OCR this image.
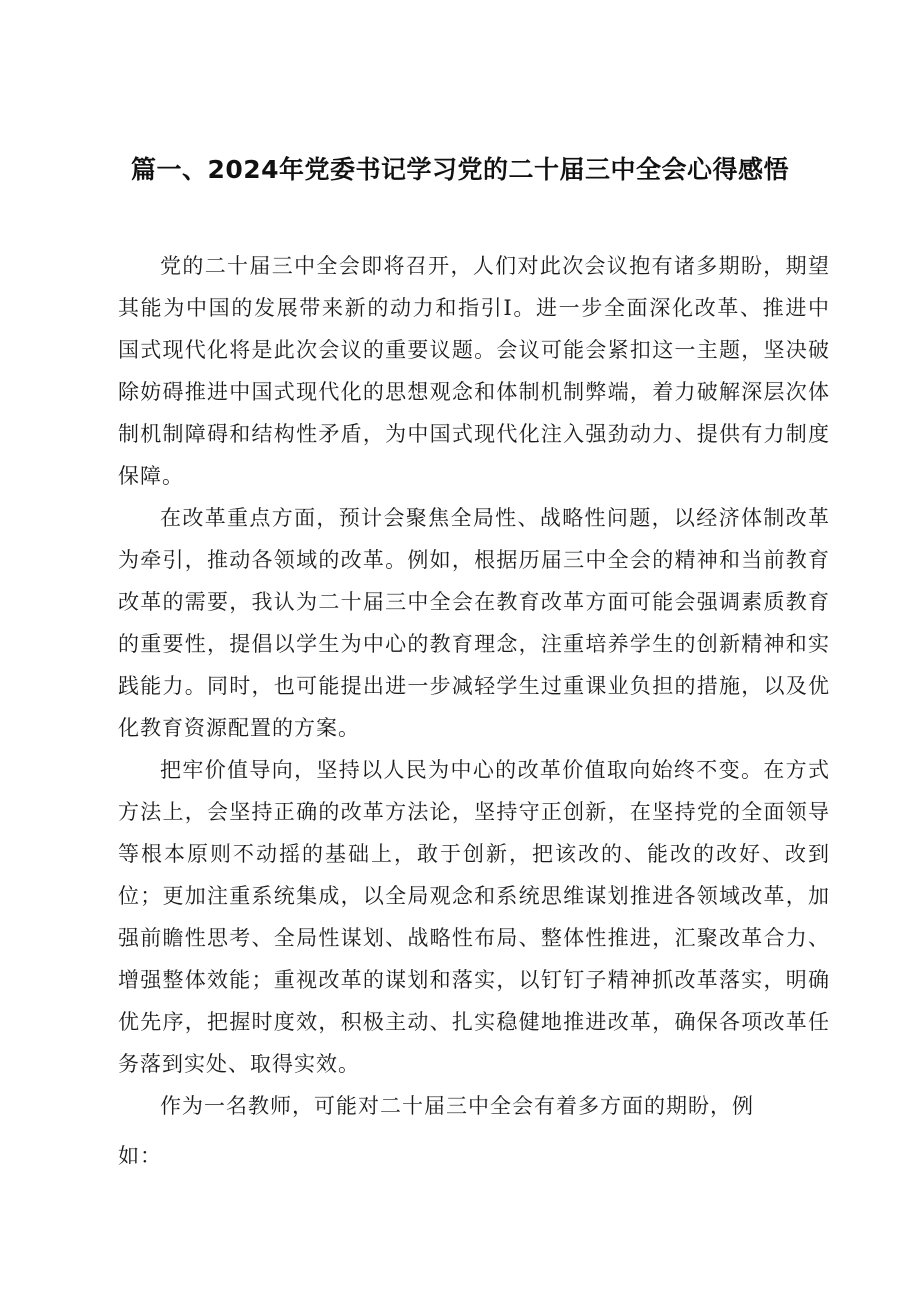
篇一、2024年党委书记学习党的二十届三中全会心得感悟

党的二十届三中全会即将召开，人们对此次会议抱有诸多期盼，期望其能为中国的发展带来新的动力和指引I。进一步全面深化改革、推进中国式现代化将是此次会议的重要议题。会议可能会紧扣这一主题，坚决破除妨碍推进中国式现代化的思想观念和体制机制弊端，着力破解深层次体制机制障碍和结构性矛盾，为中国式现代化注入强劲动力、提供有力制度保障。

在改革重点方面，预计会聚焦全局性、战略性问题，以经济体制改革为牵引，推动各领域的改革。例如，根据历届三中全会的精神和当前教育改革的需要，我认为二十届三中全会在教育改革方面可能会强调素质教育的重要性，提倡以学生为中心的教育理念，注重培养学生的创新精神和实践能力。同时，也可能提出进一步减轻学生过重课业负担的措施，以及优化教育资源配置的方案。

把牢价值导向，坚持以人民为中心的改革价值取向始终不变。在方式方法上，会坚持正确的改革方法论，坚持守正创新，在坚持党的全面领导等根本原则不动摇的基础上，敢于创新，把该改的、能改的改好、改到位；更加注重系统集成，以全局观念和系统思维谋划推进各领域改革，加强前瞻性思考、全局性谋划、战略性布局、整体性推进，汇聚改革合力、增强整体效能；重视改革的谋划和落实，以钉钉子精神抓改革落实，明确优先序，把握时度效，积极主动、扎实稳健地推进改革，确保各项改革任务落到实处、取得实效。

作为一名教师，可能对二十届三中全会有着多方面的期盼，例

如：
